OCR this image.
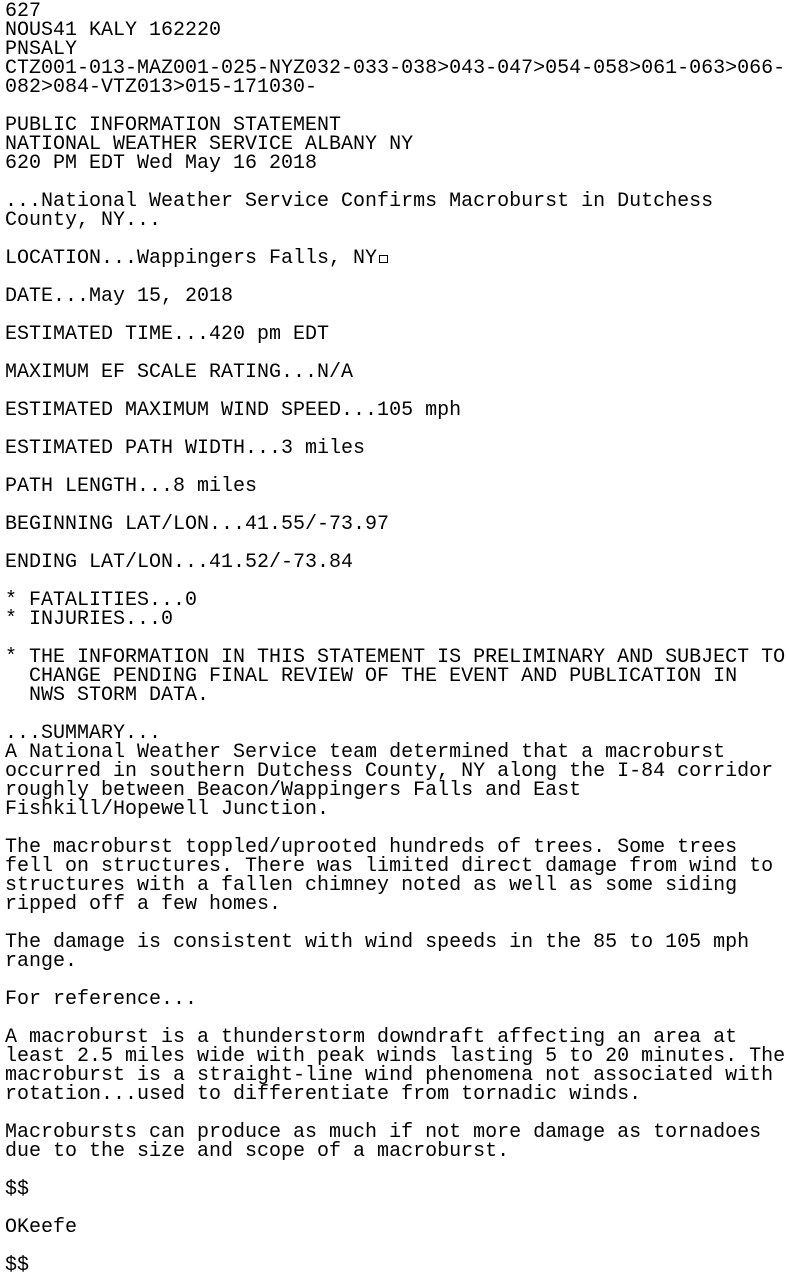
627
NOUS41 KALY 162220
PNSALY
CTZ001-013-MAZ001-025-NYZ032-033-038>043-047>054-058>061-063>066-
082>084-VTZ013>015-171030-
PUBLIC INFORMATION STATEMENT
NATIONAL WEATHER SERVICE ALBANY NY
620 PM EDT Wed May 16 2018
...National Weather Service Confirms Macroburst in Dutchess
County, NY...
LOCATION...Wappingers Falls, NY
DATE...May 15, 2018
ESTIMATED TIME...420 pm EDT
MAXIMUM EF SCALE RATING...N/A
ESTIMATED MAXIMUM WIND SPEED...105 mph
ESTIMATED PATH WIDTH...3 miles
PATH LENGTH...8 miles
BEGINNING LAT/LON...41.55/-73.97
ENDING LAT/LON...41.52/-73.84
* FATALITIES...0
* INJURIES...0
* THE INFORMATION IN THIS STATEMENT IS PRELIMINARY AND SUBJECT TO
CHANGE PENDING FINAL REVIEW OF THE EVENT AND PUBLICATION IN
NWS STORM DATA.
...SUMMARY...
A National Weather Service team determined that a macroburst
occurred in southern Dutchess County, NY along the I-84 corridor
roughly between Beacon/Wappingers Falls and East
Fishkill/Hopewell Junction.
The macroburst toppled/uprooted hundreds of trees. Some trees
fell on structures. There was limited direct damage from wind to
structures with a fallen chimney noted as well as some siding
ripped off a few homes.
The damage is consistent with wind speeds in the 85 to 105 mph
range.
For reference...
A macroburst is a thunderstorm downdraft affecting an area at
least 2.5 miles wide with peak winds lasting 5 to 20 minutes. The
macroburst is a straight-line wind phenomena not associated with
rotation...used to differentiate from tornadic winds.
Macrobursts can produce as much if not more damage as tornadoes
due to the size and scope of a macroburst.
$$
OKeefe
$$
